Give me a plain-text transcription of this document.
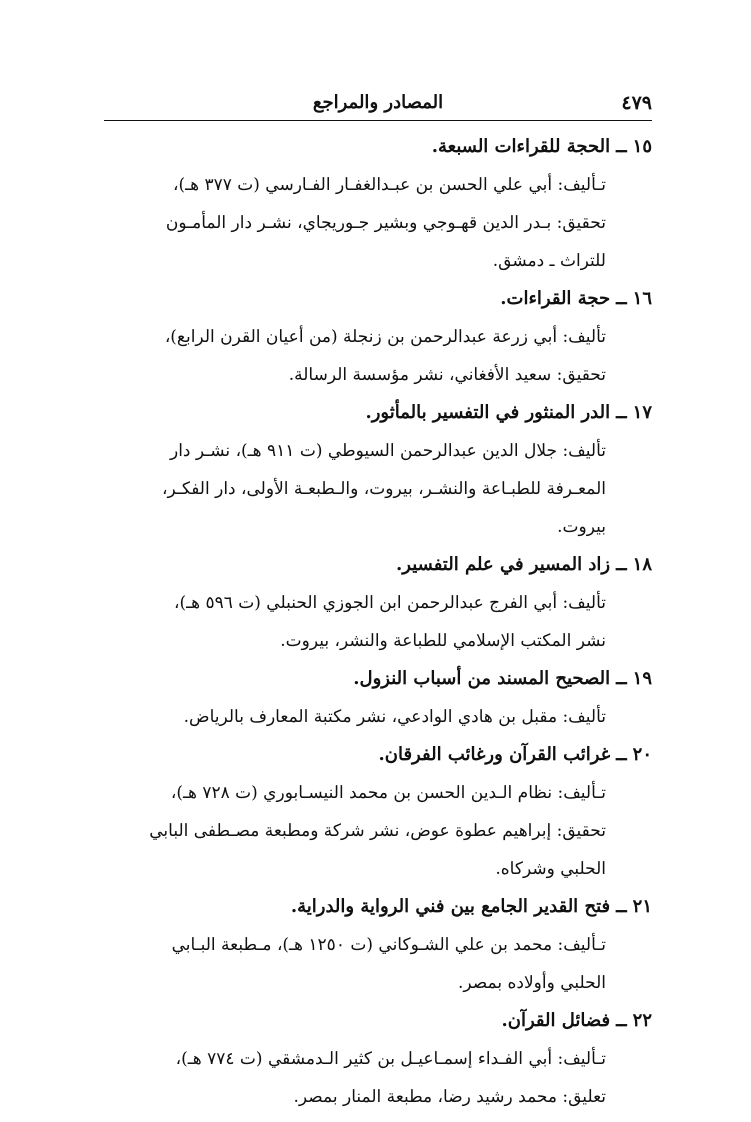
٤٧٩
المصادر والمراجع
١٥ــالحجة للقراءات السبعة.
تـأليف: أبي علي الحسن بن عبـدالغفـار الفـارسي (ت ٣٧٧ هـ)،
تحقيق: بـدر الدين قهـوجي وبشير جـوريجاي، نشـر دار المأمـون
للتراث ـ دمشق.
١٦ــحجة القراءات.
تأليف: أبي زرعة عبدالرحمن بن زنجلة (من أعيان القرن الرابع)،
تحقيق: سعيد الأفغاني، نشر مؤسسة الرسالة.
١٧ــالدر المنثور في التفسير بالمأثور.
تأليف: جلال الدين عبدالرحمن السيوطي (ت ٩١١ هـ)، نشـر دار
المعـرفة للطبـاعة والنشـر، بيروت، والـطبعـة الأولى، دار الفكـر،
بيروت.
١٨ــزاد المسير في علم التفسير.
تأليف: أبي الفرج عبدالرحمن ابن الجوزي الحنبلي (ت ٥٩٦ هـ)،
نشر المكتب الإسلامي للطباعة والنشر، بيروت.
١٩ــالصحيح المسند من أسباب النزول.
تأليف: مقبل بن هادي الوادعي، نشر مكتبة المعارف بالرياض.
٢٠ــغرائب القرآن ورغائب الفرقان.
تـأليف: نظام الـدين الحسن بن محمد النيسـابوري (ت ٧٢٨ هـ)،
تحقيق: إبراهيم عطوة عوض، نشر شركة ومطبعة مصـطفى البابي
الحلبي وشركاه.
٢١ــفتح القدير الجامع بين فني الرواية والدراية.
تـأليف: محمد بن علي الشـوكاني (ت ١٢٥٠ هـ)، مـطبعة البـابي
الحلبي وأولاده بمصر.
٢٢ــفضائل القرآن.
تـأليف: أبي الفـداء إسمـاعيـل بن كثير الـدمشقي (ت ٧٧٤ هـ)،
تعليق: محمد رشيد رضا، مطبعة المنار بمصر.
